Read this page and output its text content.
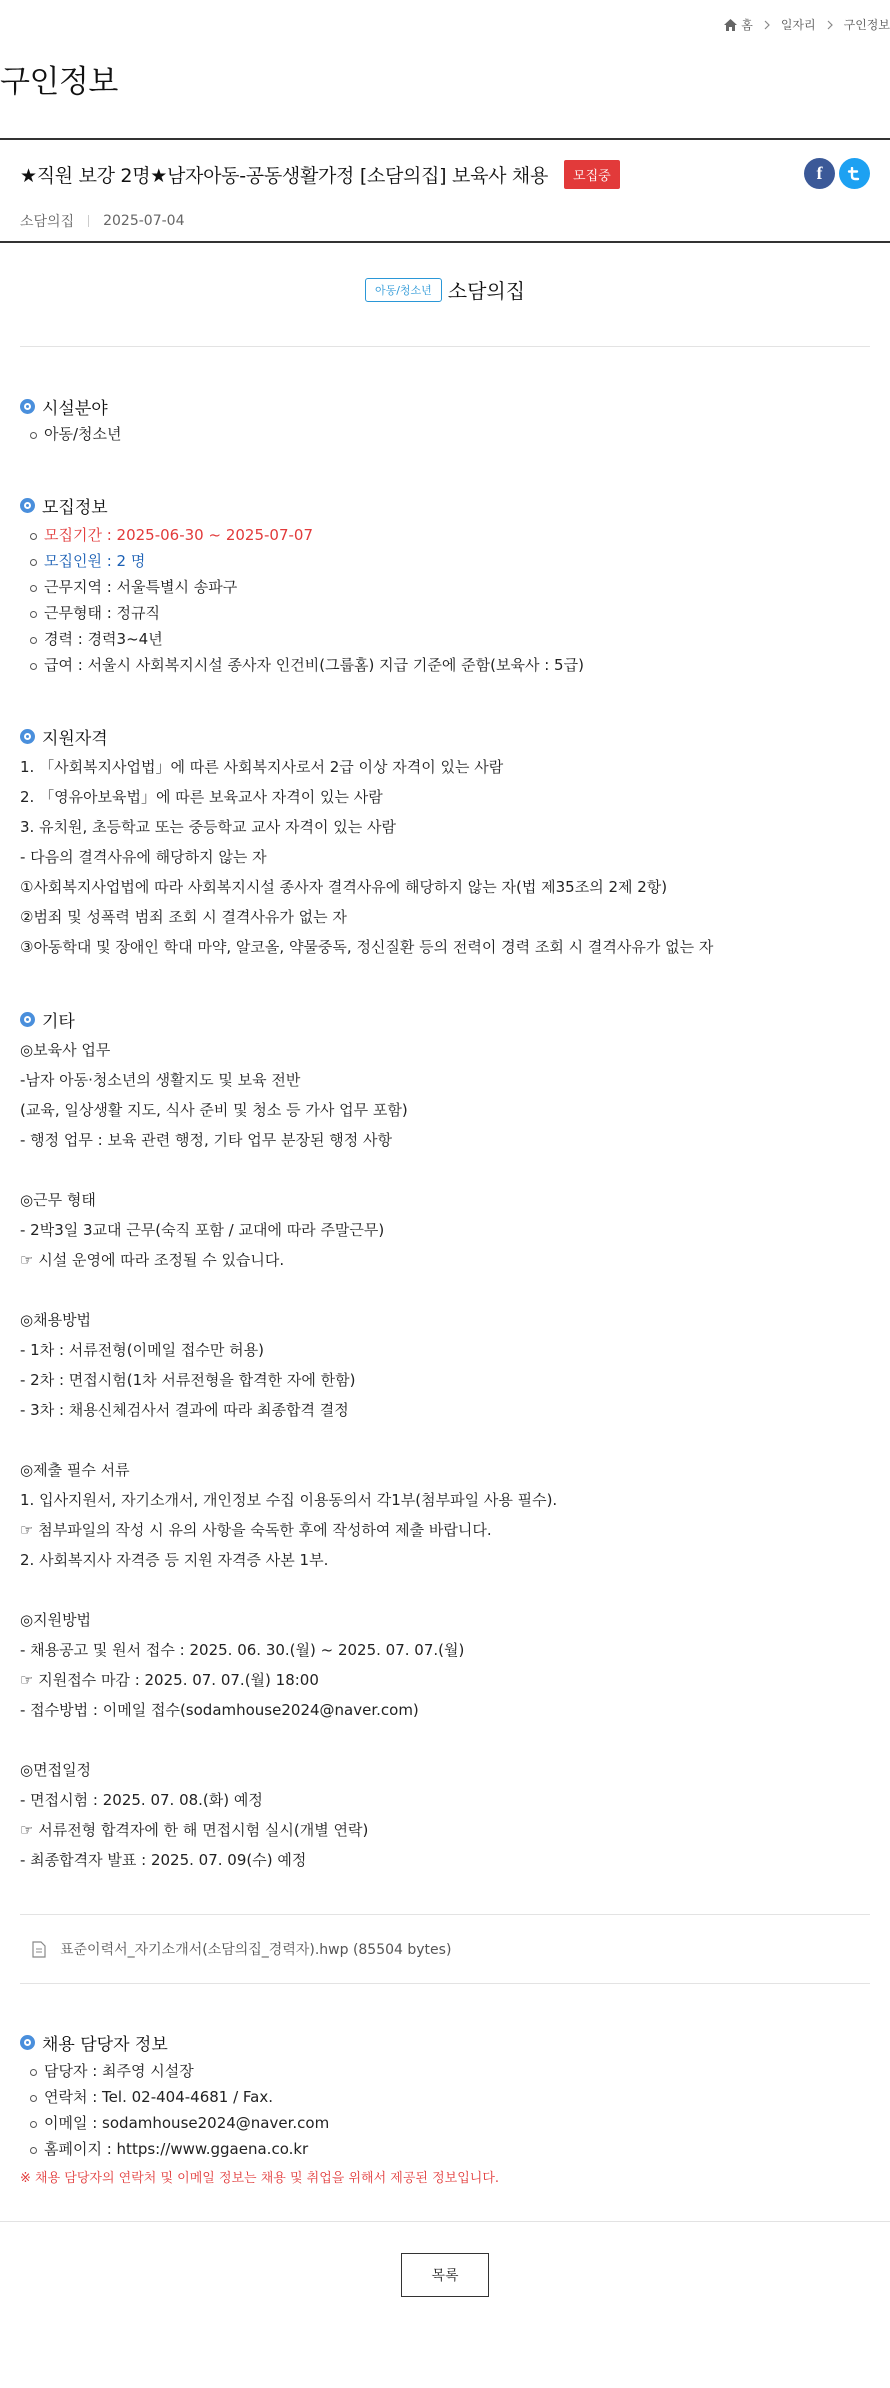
홈 일자리 구인정보
구인정보
★직원 보강 2명★남자아동-공동생활가정 [소담의집] 보육사 채용	모집중	f
소담의집 2025-07-04
아동/청소년 소담의집
시설분야
아동/청소년
모집정보
모집기간 : 2025-06-30 ~ 2025-07-07
모집인원 : 2 명
근무지역 : 서울특별시 송파구
근무형태 : 정규직
경력 : 경력3~4년
급여 : 서울시 사회복지시설 종사자 인건비(그룹홈) 지급 기준에 준함(보육사 : 5급)
지원자격
1. 「사회복지사업법」에 따른 사회복지사로서 2급 이상 자격이 있는 사람
2. 「영유아보육법」에 따른 보육교사 자격이 있는 사람
3. 유치원, 초등학교 또는 중등학교 교사 자격이 있는 사람
- 다음의 결격사유에 해당하지 않는 자
①사회복지사업법에 따라 사회복지시설 종사자 결격사유에 해당하지 않는 자(법 제35조의 2제 2항)
②범죄 및 성폭력 범죄 조회 시 결격사유가 없는 자
③아동학대 및 장애인 학대 마약, 알코올, 약물중독, 정신질환 등의 전력이 경력 조회 시 결격사유가 없는 자
기타
◎보육사 업무
-남자 아동·청소년의 생활지도 및 보육 전반
(교육, 일상생활 지도, 식사 준비 및 청소 등 가사 업무 포함)
- 행정 업무 : 보육 관련 행정, 기타 업무 분장된 행정 사항
◎근무 형태
- 2박3일 3교대 근무(숙직 포함 / 교대에 따라 주말근무)
☞ 시설 운영에 따라 조정될 수 있습니다.
◎채용방법
- 1차 : 서류전형(이메일 접수만 허용)
- 2차 : 면접시험(1차 서류전형을 합격한 자에 한함)
- 3차 : 채용신체검사서 결과에 따라 최종합격 결정
◎제출 필수 서류
1. 입사지원서, 자기소개서, 개인정보 수집 이용동의서 각1부(첨부파일 사용 필수).
☞ 첨부파일의 작성 시 유의 사항을 숙독한 후에 작성하여 제출 바랍니다.
2. 사회복지사 자격증 등 지원 자격증 사본 1부.
◎지원방법
- 채용공고 및 원서 접수 : 2025. 06. 30.(월) ~ 2025. 07. 07.(월)
☞ 지원접수 마감 : 2025. 07. 07.(월) 18:00
- 접수방법 : 이메일 접수(sodamhouse2024@naver.com)
◎면접일정
- 면접시험 : 2025. 07. 08.(화) 예정
☞ 서류전형 합격자에 한 해 면접시험 실시(개별 연락)
- 최종합격자 발표 : 2025. 07. 09(수) 예정
표준이력서_자기소개서(소담의집_경력자).hwp (85504 bytes)
채용 담당자 정보
담당자 : 최주영 시설장
연락처 : Tel. 02-404-4681 / Fax.
이메일 : sodamhouse2024@naver.com
홈페이지 : https://www.ggaena.co.kr
※ 채용 담당자의 연락처 및 이메일 정보는 채용 및 취업을 위해서 제공된 정보입니다.
목록
